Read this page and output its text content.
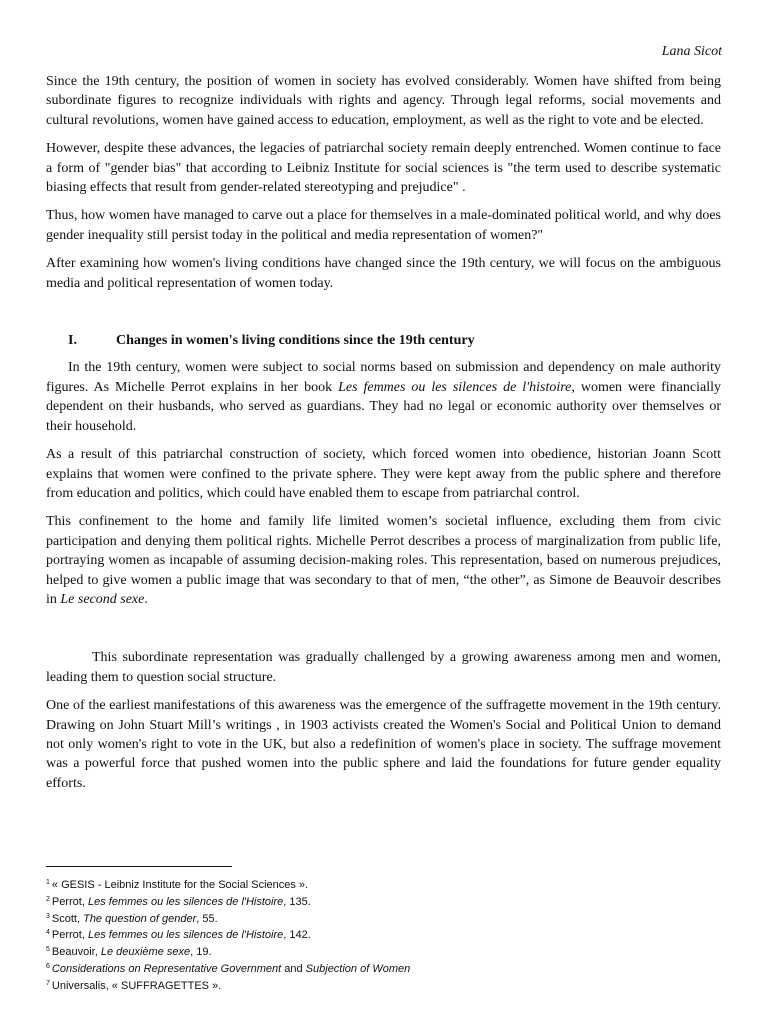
Lana Sicot

Since the 19th century, the position of women in society has evolved considerably. Women have shifted from being subordinate figures to recognize individuals with rights and agency. Through legal reforms, social movements and cultural revolutions, women have gained access to education, employment, as well as the right to vote and be elected.

However, despite these advances, the legacies of patriarchal society remain deeply entrenched. Women continue to face a form of "gender bias" that according to Leibniz Institute for social sciences is "the term used to describe systematic biasing effects that result from gender-related stereotyping and prejudice" .

Thus, how women have managed to carve out a place for themselves in a male-dominated political world, and why does gender inequality still persist today in the political and media representation of women?"

After examining how women's living conditions have changed since the 19th century, we will focus on the ambiguous media and political representation of women today.

I.	Changes in women's living conditions since the 19th century

In the 19th century, women were subject to social norms based on submission and dependency on male authority figures. As Michelle Perrot explains in her book Les femmes ou les silences de l'histoire, women were financially dependent on their husbands, who served as guardians. They had no legal or economic authority over themselves or their household.

As a result of this patriarchal construction of society, which forced women into obedience, historian Joann Scott explains that women were confined to the private sphere. They were kept away from the public sphere and therefore from education and politics, which could have enabled them to escape from patriarchal control.

This confinement to the home and family life limited women’s societal influence, excluding them from civic participation and denying them political rights. Michelle Perrot describes a process of marginalization from public life, portraying women as incapable of assuming decision-making roles. This representation, based on numerous prejudices, helped to give women a public image that was secondary to that of men, “the other”, as Simone de Beauvoir describes in Le second sexe.

This subordinate representation was gradually challenged by a growing awareness among men and women, leading them to question social structure.

One of the earliest manifestations of this awareness was the emergence of the suffragette movement in the 19th century. Drawing on John Stuart Mill’s writings , in 1903 activists created the Women's Social and Political Union to demand not only women's right to vote in the UK, but also a redefinition of women's place in society. The suffrage movement was a powerful force that pushed women into the public sphere and laid the foundations for future gender equality efforts.

$^1$ « GESIS - Leibniz Institute for the Social Sciences ».
$^2$ Perrot, Les femmes ou les silences de l'Histoire, 135.
$^3$ Scott, The question of gender, 55.
$^4$ Perrot, Les femmes ou les silences de l'Histoire, 142.
$^5$ Beauvoir, Le deuxième sexe, 19.
$^6$ Considerations on Representative Government and Subjection of Women
$^7$ Universalis, « SUFFRAGETTES ».
